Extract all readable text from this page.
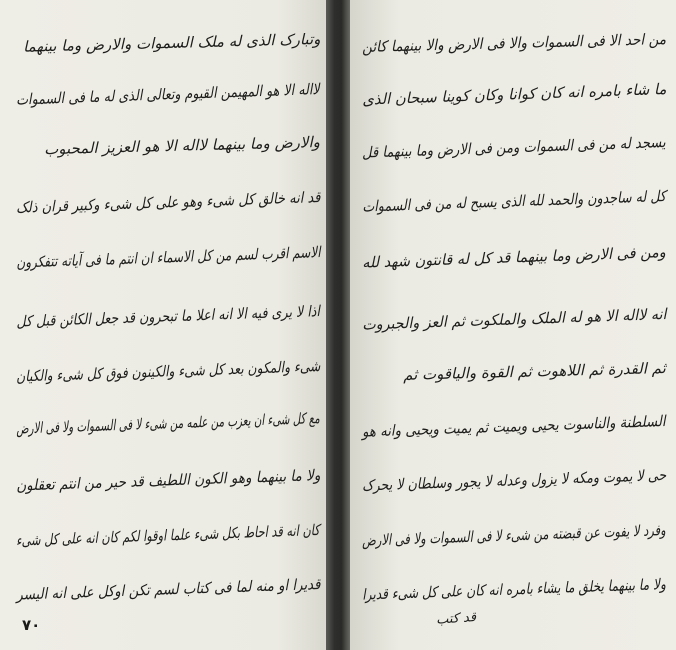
وتبارک الذی له ملک السموات والارض وما بینهما
لااله الا هو المهیمن القیوم وتعالی الذی له ما فی السموات
والارض وما بینهما لااله الا هو العزیز المحبوب
قد انه خالق کل شیء وهو علی کل شیء وکبیر قران ذلک
الاسم اقرب لسم من کل الاسماء ان انتم ما فی آیاته تتفکرون
اذا لا یری فیه الا انه اعلا ما تبحرون قد جعل الکائن قبل کل
شیء والمکون بعد کل شیء والکینون فوق کل شیء والکیان
مع کل شیء ان یعزب من علمه من شیء لا فی السموات ولا فی الارض
ولا ما بینهما وهو الکون اللطیف قد حیر من انتم تعقلون
کان انه قد احاط بکل شیء علما اوقوا لکم کان انه علی کل شیء
قدیرا او منه لما فی کتاب لسم تکن اوکل علی انه الیسر
٧٠
من احد الا فی السموات والا فی الارض والا بینهما کائن
ما شاء بامره انه کان کوانا وکان کوینا سبحان الذی
یسجد له من فی السموات ومن فی الارض وما بینهما قل
کل له ساجدون والحمد لله الذی یسبح له من فی السموات
ومن فی الارض وما بینهما قد کل له قانتون شهد لله
انه لااله الا هو له الملک والملکوت ثم العز والجبروت
ثم القدرة ثم اللاهوت ثم القوة والیاقوت ثم
السلطنة والناسوت یحیی ویمیت ثم یمیت ویحیی وانه هو
حی لا یموت ومکه لا یزول وعدله لا یجور وسلطان لا یحرک
وفرد لا یفوت عن قبضته من شیء لا فی السموات ولا فی الارض
ولا ما بینهما یخلق ما یشاء بامره انه کان علی کل شیء قدیرا
قد کتب
